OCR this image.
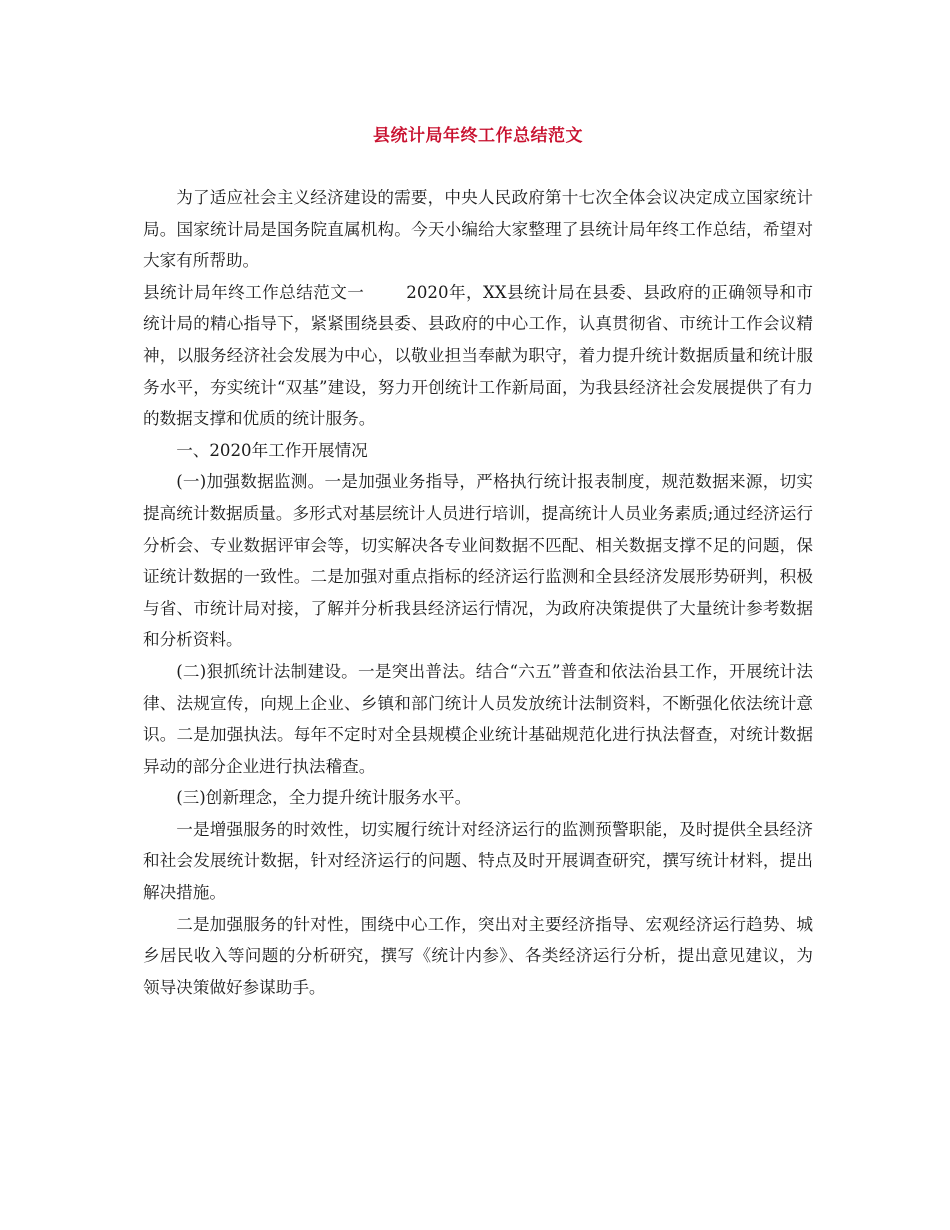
县统计局年终工作总结范文

为了适应社会主义经济建设的需要，中央人民政府第十七次全体会议决定成立国家统计局。国家统计局是国务院直属机构。今天小编给大家整理了县统计局年终工作总结，希望对大家有所帮助。

县统计局年终工作总结范文一	2020年，XX县统计局在县委、县政府的正确领导和市统计局的精心指导下，紧紧围绕县委、县政府的中心工作，认真贯彻省、市统计工作会议精神，以服务经济社会发展为中心，以敬业担当奉献为职守，着力提升统计数据质量和统计服务水平，夯实统计“双基”建设，努力开创统计工作新局面，为我县经济社会发展提供了有力的数据支撑和优质的统计服务。

一、2020年工作开展情况

(一)加强数据监测。一是加强业务指导，严格执行统计报表制度，规范数据来源，切实提高统计数据质量。多形式对基层统计人员进行培训，提高统计人员业务素质;通过经济运行分析会、专业数据评审会等，切实解决各专业间数据不匹配、相关数据支撑不足的问题，保证统计数据的一致性。二是加强对重点指标的经济运行监测和全县经济发展形势研判，积极与省、市统计局对接，了解并分析我县经济运行情况，为政府决策提供了大量统计参考数据和分析资料。

(二)狠抓统计法制建设。一是突出普法。结合“六五”普查和依法治县工作，开展统计法律、法规宣传，向规上企业、乡镇和部门统计人员发放统计法制资料，不断强化依法统计意识。二是加强执法。每年不定时对全县规模企业统计基础规范化进行执法督查，对统计数据异动的部分企业进行执法稽查。

(三)创新理念，全力提升统计服务水平。

一是增强服务的时效性，切实履行统计对经济运行的监测预警职能，及时提供全县经济和社会发展统计数据，针对经济运行的问题、特点及时开展调查研究，撰写统计材料，提出解决措施。

二是加强服务的针对性，围绕中心工作，突出对主要经济指导、宏观经济运行趋势、城乡居民收入等问题的分析研究，撰写《统计内参》、各类经济运行分析，提出意见建议，为领导决策做好参谋助手。
